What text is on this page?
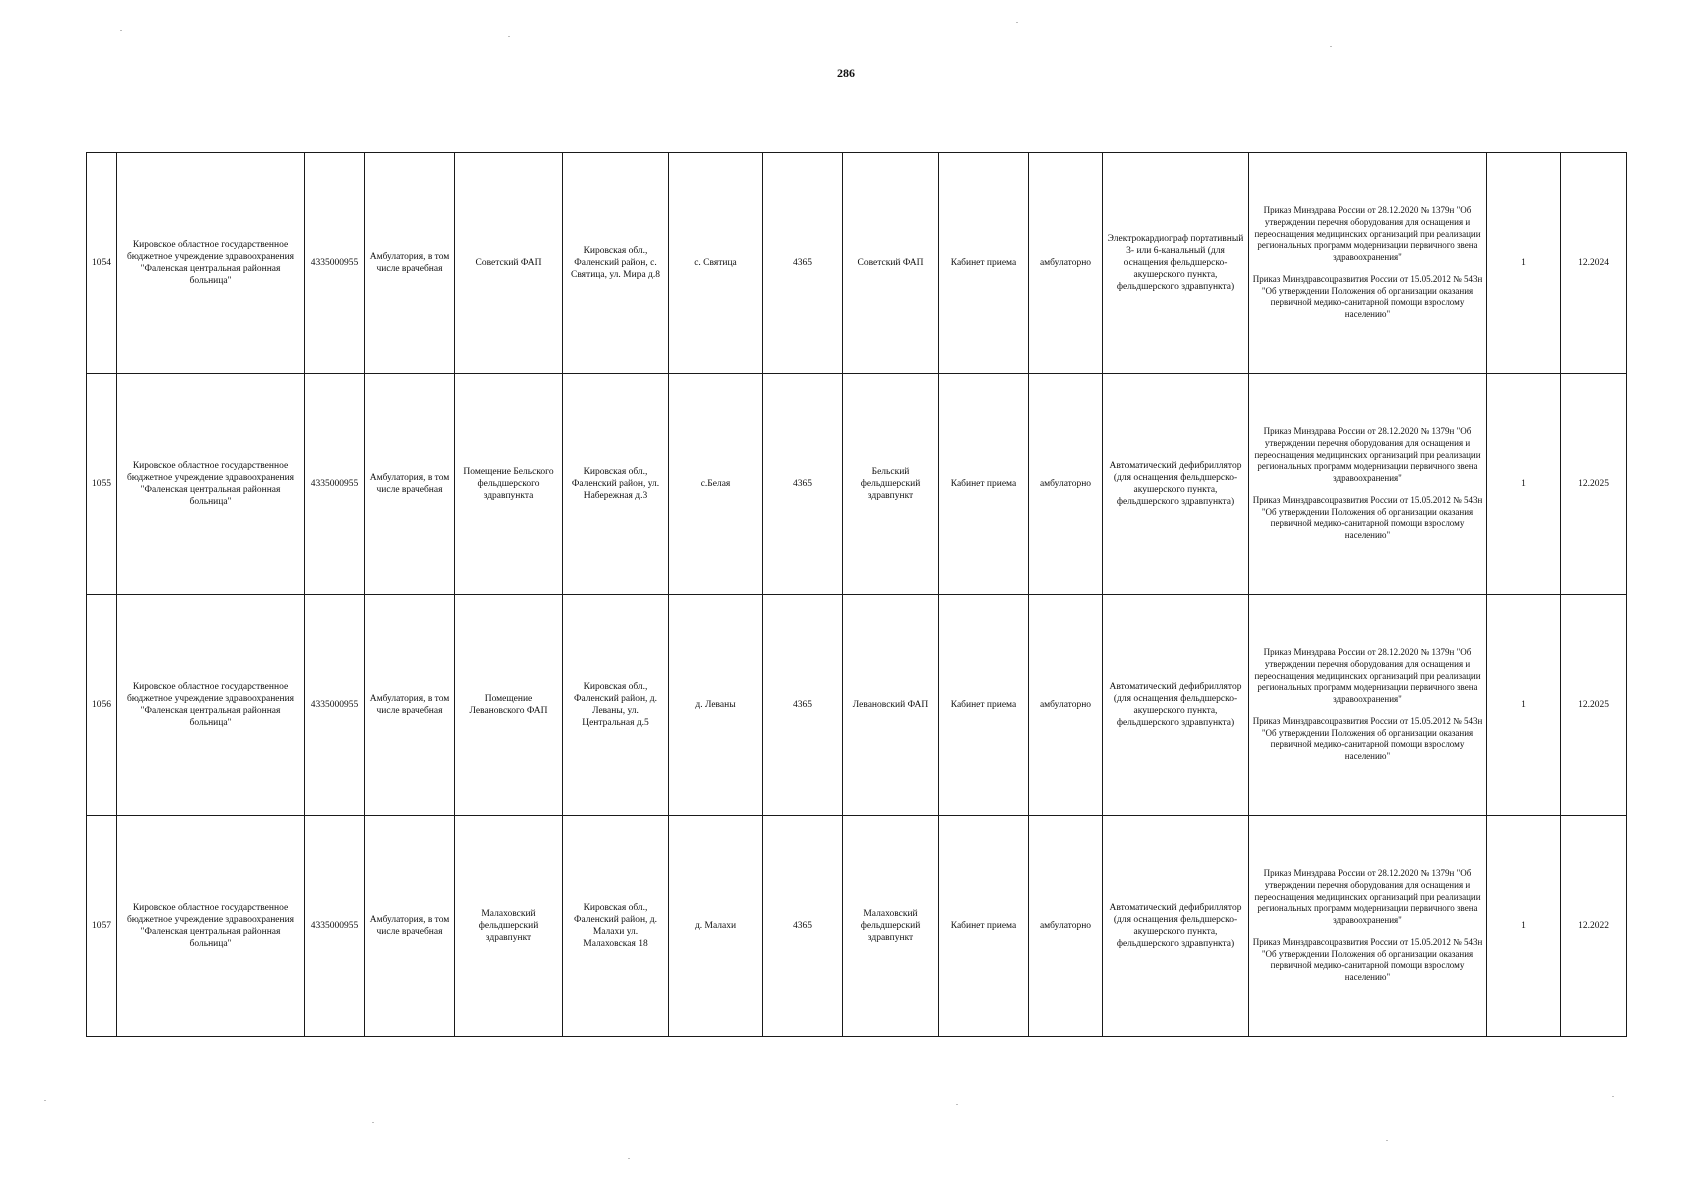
286
1054	Кировское областное государственное бюджетное учреждение здравоохранения "Фаленская центральная районная больница"	4335000955	Амбулатория, в том числе врачебная	Советский ФАП	Кировская обл., Фаленский район, с. Святица, ул. Мира д.8	с. Святица	4365	Советский ФАП	Кабинет приема	амбулаторно	Электрокардиограф портативный 3- или 6-канальный (для оснащения фельдшерско-акушерского пункта, фельдшерского здравпункта)	Приказ Минздрава России от 28.12.2020 № 1379н "Об утверждении перечня оборудования для оснащения и переоснащения медицинских организаций при реализации региональных программ модернизации первичного звена здравоохранения"
Приказ Минздравсоцразвития России от 15.05.2012 № 543н "Об утверждении Положения об организации оказания первичной медико-санитарной помощи взрослому населению"	1	12.2024
1055	Кировское областное государственное бюджетное учреждение здравоохранения "Фаленская центральная районная больница"	4335000955	Амбулатория, в том числе врачебная	Помещение Бельского фельдшерского здравпункта	Кировская обл., Фаленский район, ул. Набережная д.3	с.Белая	4365	Бельский фельдшерский здравпункт	Кабинет приема	амбулаторно	Автоматический дефибриллятор (для оснащения фельдшерско-акушерского пункта, фельдшерского здравпункта)	Приказ Минздрава России от 28.12.2020 № 1379н "Об утверждении перечня оборудования для оснащения и переоснащения медицинских организаций при реализации региональных программ модернизации первичного звена здравоохранения"
Приказ Минздравсоцразвития России от 15.05.2012 № 543н "Об утверждении Положения об организации оказания первичной медико-санитарной помощи взрослому населению"	1	12.2025
1056	Кировское областное государственное бюджетное учреждение здравоохранения "Фаленская центральная районная больница"	4335000955	Амбулатория, в том числе врачебная	Помещение Левановского ФАП	Кировская обл., Фаленский район, д. Леваны, ул. Центральная д.5	д. Леваны	4365	Левановский ФАП	Кабинет приема	амбулаторно	Автоматический дефибриллятор (для оснащения фельдшерско-акушерского пункта, фельдшерского здравпункта)	Приказ Минздрава России от 28.12.2020 № 1379н "Об утверждении перечня оборудования для оснащения и переоснащения медицинских организаций при реализации региональных программ модернизации первичного звена здравоохранения"
Приказ Минздравсоцразвития России от 15.05.2012 № 543н "Об утверждении Положения об организации оказания первичной медико-санитарной помощи взрослому населению"	1	12.2025
1057	Кировское областное государственное бюджетное учреждение здравоохранения "Фаленская центральная районная больница"	4335000955	Амбулатория, в том числе врачебная	Малаховский фельдшерский здравпункт	Кировская обл., Фаленский район, д. Малахи ул. Малаховская 18	д. Малахи	4365	Малаховский фельдшерский здравпункт	Кабинет приема	амбулаторно	Автоматический дефибриллятор (для оснащения фельдшерско-акушерского пункта, фельдшерского здравпункта)	Приказ Минздрава России от 28.12.2020 № 1379н "Об утверждении перечня оборудования для оснащения и переоснащения медицинских организаций при реализации региональных программ модернизации первичного звена здравоохранения"
Приказ Минздравсоцразвития России от 15.05.2012 № 543н "Об утверждении Положения об организации оказания первичной медико-санитарной помощи взрослому населению"	1	12.2022
